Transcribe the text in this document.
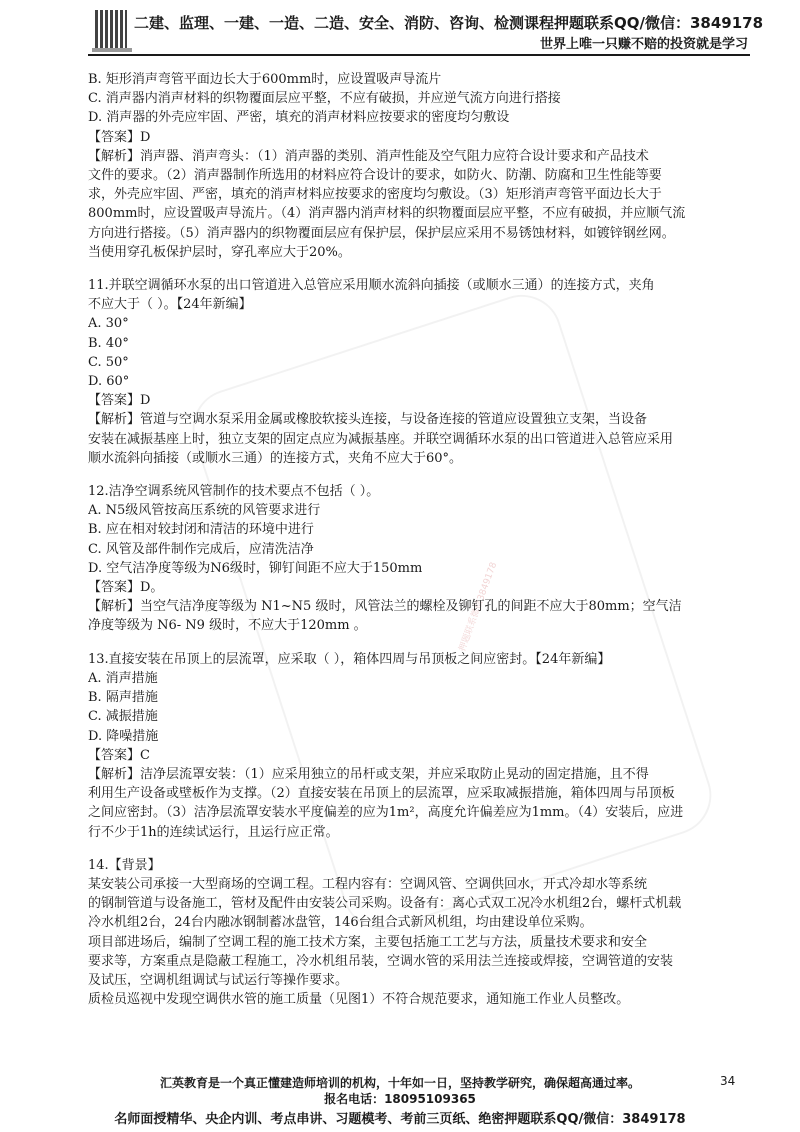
二建、监理、一建、一造、二造、安全、消防、咨询、检测课程押题联系QQ/微信：3849178
世界上唯一只赚不赔的投资就是学习
押题联系微信3849178
B. 矩形消声弯管平面边长大于600mm时，应设置吸声导流片
C. 消声器内消声材料的织物覆面层应平整，不应有破损，并应逆气流方向进行搭接
D. 消声器的外壳应牢固、严密，填充的消声材料应按要求的密度均匀敷设
【答案】D
【解析】消声器、消声弯头：（1）消声器的类别、消声性能及空气阻力应符合设计要求和产品技术
文件的要求。（2）消声器制作所选用的材料应符合设计的要求，如防火、防潮、防腐和卫生性能等要
求，外壳应牢固、严密，填充的消声材料应按要求的密度均匀敷设。（3）矩形消声弯管平面边长大于
800mm时，应设置吸声导流片。（4）消声器内消声材料的织物覆面层应平整，不应有破损，并应顺气流
方向进行搭接。（5）消声器内的织物覆面层应有保护层，保护层应采用不易锈蚀材料，如镀锌钢丝网。
当使用穿孔板保护层时，穿孔率应大于20%。
11.并联空调循环水泵的出口管道进入总管应采用顺水流斜向插接（或顺水三通）的连接方式，夹角
不应大于（ ）。【24年新编】
A. 30°
B. 40°
C. 50°
D. 60°
【答案】D
【解析】管道与空调水泵采用金属或橡胶软接头连接，与设备连接的管道应设置独立支架，当设备
安装在减振基座上时，独立支架的固定点应为减振基座。并联空调循环水泵的出口管道进入总管应采用
顺水流斜向插接（或顺水三通）的连接方式，夹角不应大于60°。
12.洁净空调系统风管制作的技术要点不包括（ ）。
A. N5级风管按高压系统的风管要求进行
B. 应在相对较封闭和清洁的环境中进行
C. 风管及部件制作完成后，应清洗洁净
D. 空气洁净度等级为N6级时，铆钉间距不应大于150mm
【答案】D。
【解析】当空气洁净度等级为 N1~N5 级时，风管法兰的螺栓及铆钉孔的间距不应大于80mm；空气洁
净度等级为 N6- N9 级时，不应大于120mm 。
13.直接安装在吊顶上的层流罩，应采取（ ），箱体四周与吊顶板之间应密封。【24年新编】
A. 消声措施
B. 隔声措施
C. 减振措施
D. 降噪措施
【答案】C
【解析】洁净层流罩安装：（1）应采用独立的吊杆或支架，并应采取防止晃动的固定措施，且不得
利用生产设备或壁板作为支撑。（2）直接安装在吊顶上的层流罩，应采取减振措施，箱体四周与吊顶板
之间应密封。（3）洁净层流罩安装水平度偏差的应为1m²，高度允许偏差应为1mm。（4）安装后，应进
行不少于1h的连续试运行，且运行应正常。
14.【背景】
某安装公司承接一大型商场的空调工程。工程内容有：空调风管、空调供回水，开式冷却水等系统
的钢制管道与设备施工，管材及配件由安装公司采购。设备有：离心式双工况冷水机组2台，螺杆式机载
冷水机组2台，24台内融冰钢制蓄冰盘管，146台组合式新风机组，均由建设单位采购。
项目部进场后，编制了空调工程的施工技术方案，主要包括施工工艺与方法，质量技术要求和安全
要求等，方案重点是隐蔽工程施工，冷水机组吊装，空调水管的采用法兰连接或焊接，空调管道的安装
及试压，空调机组调试与试运行等操作要求。
质检员巡视中发现空调供水管的施工质量（见图1）不符合规范要求，通知施工作业人员整改。
汇英教育是一个真正懂建造师培训的机构，十年如一日，坚持教学研究，确保超高通过率。	34
报名电话：18095109365
名师面授精华、央企内训、考点串讲、习题模考、考前三页纸、绝密押题联系QQ/微信：3849178
